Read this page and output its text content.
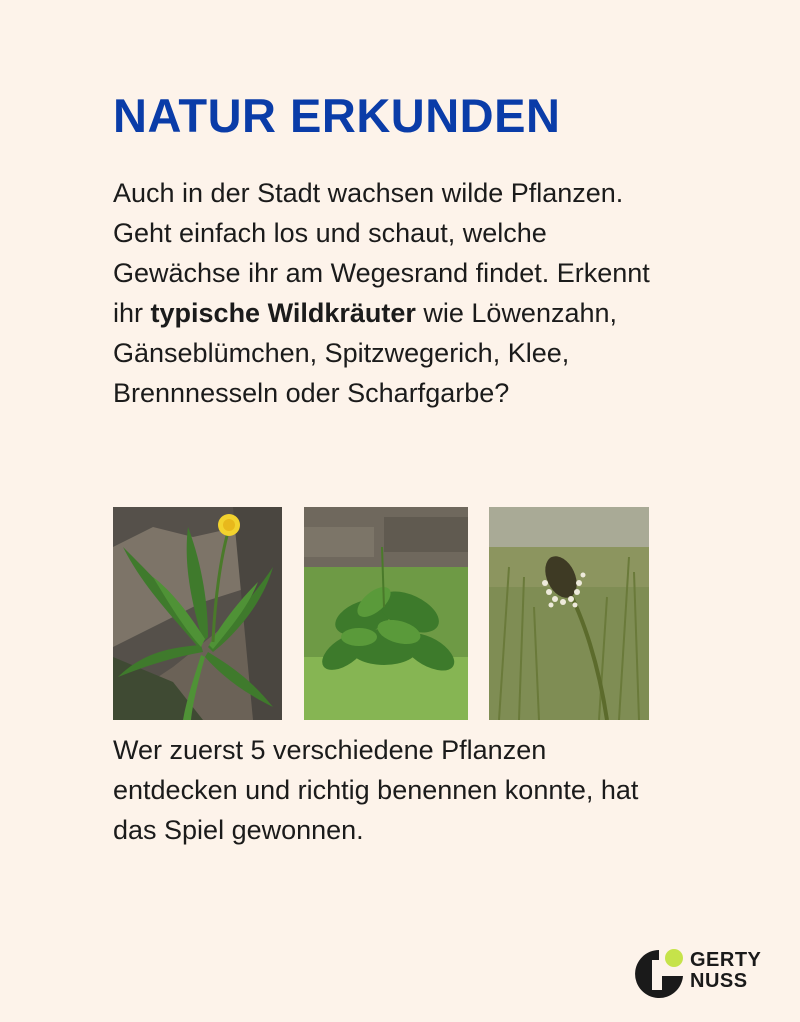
NATUR ERKUNDEN

Auch in der Stadt wachsen wilde Pflanzen. Geht einfach los und schaut, welche Gewächse ihr am Wegesrand findet. Erkennt ihr typische Wildkräuter wie Löwenzahn, Gänseblümchen, Spitzwegerich, Klee, Brennnesseln oder Scharfgarbe?

Wer zuerst 5 verschiedene Pflanzen entdecken und richtig benennen konnte, hat das Spiel gewonnen.

GERTY
NUSS
